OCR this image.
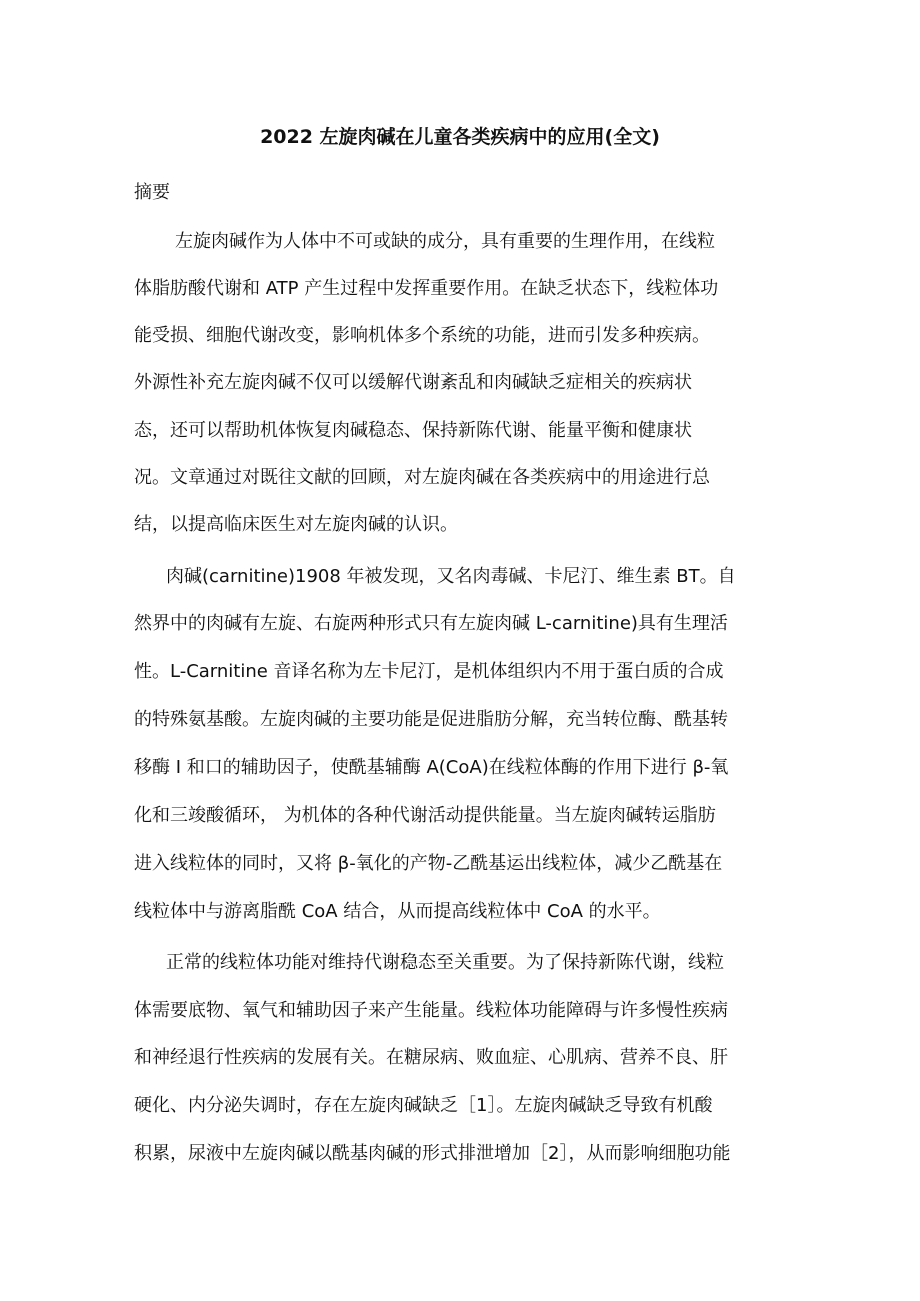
2022 左旋肉碱在儿童各类疾病中的应用(全文)
摘要
左旋肉碱作为人体中不可或缺的成分，具有重要的生理作用，在线粒
体脂肪酸代谢和 ATP 产生过程中发挥重要作用。在缺乏状态下，线粒体功
能受损、细胞代谢改变，影响机体多个系统的功能，进而引发多种疾病。
外源性补充左旋肉碱不仅可以缓解代谢紊乱和肉碱缺乏症相关的疾病状
态，还可以帮助机体恢复肉碱稳态、保持新陈代谢、能量平衡和健康状
况。文章通过对既往文献的回顾，对左旋肉碱在各类疾病中的用途进行总
结，以提高临床医生对左旋肉碱的认识。
肉碱(carnitine)1908 年被发现，又名肉毒碱、卡尼汀、维生素 BT。自
然界中的肉碱有左旋、右旋两种形式只有左旋肉碱 L-carnitine)具有生理活
性。L-Carnitine 音译名称为左卡尼汀，是机体组织内不用于蛋白质的合成
的特殊氨基酸。左旋肉碱的主要功能是促进脂肪分解，充当转位酶、酰基转
移酶 I 和口的辅助因子，使酰基辅酶 A(CoA)在线粒体酶的作用下进行 β-氧
化和三竣酸循环， 为机体的各种代谢活动提供能量。当左旋肉碱转运脂肪
进入线粒体的同时，又将 β-氧化的产物-乙酰基运出线粒体，减少乙酰基在
线粒体中与游离脂酰 CoA 结合，从而提高线粒体中 CoA 的水平。
正常的线粒体功能对维持代谢稳态至关重要。为了保持新陈代谢，线粒
体需要底物、氧气和辅助因子来产生能量。线粒体功能障碍与许多慢性疾病
和神经退行性疾病的发展有关。在糖尿病、败血症、心肌病、营养不良、肝
硬化、内分泌失调时，存在左旋肉碱缺乏［1］。左旋肉碱缺乏导致有机酸
积累，尿液中左旋肉碱以酰基肉碱的形式排泄增加［2］，从而影响细胞功能
